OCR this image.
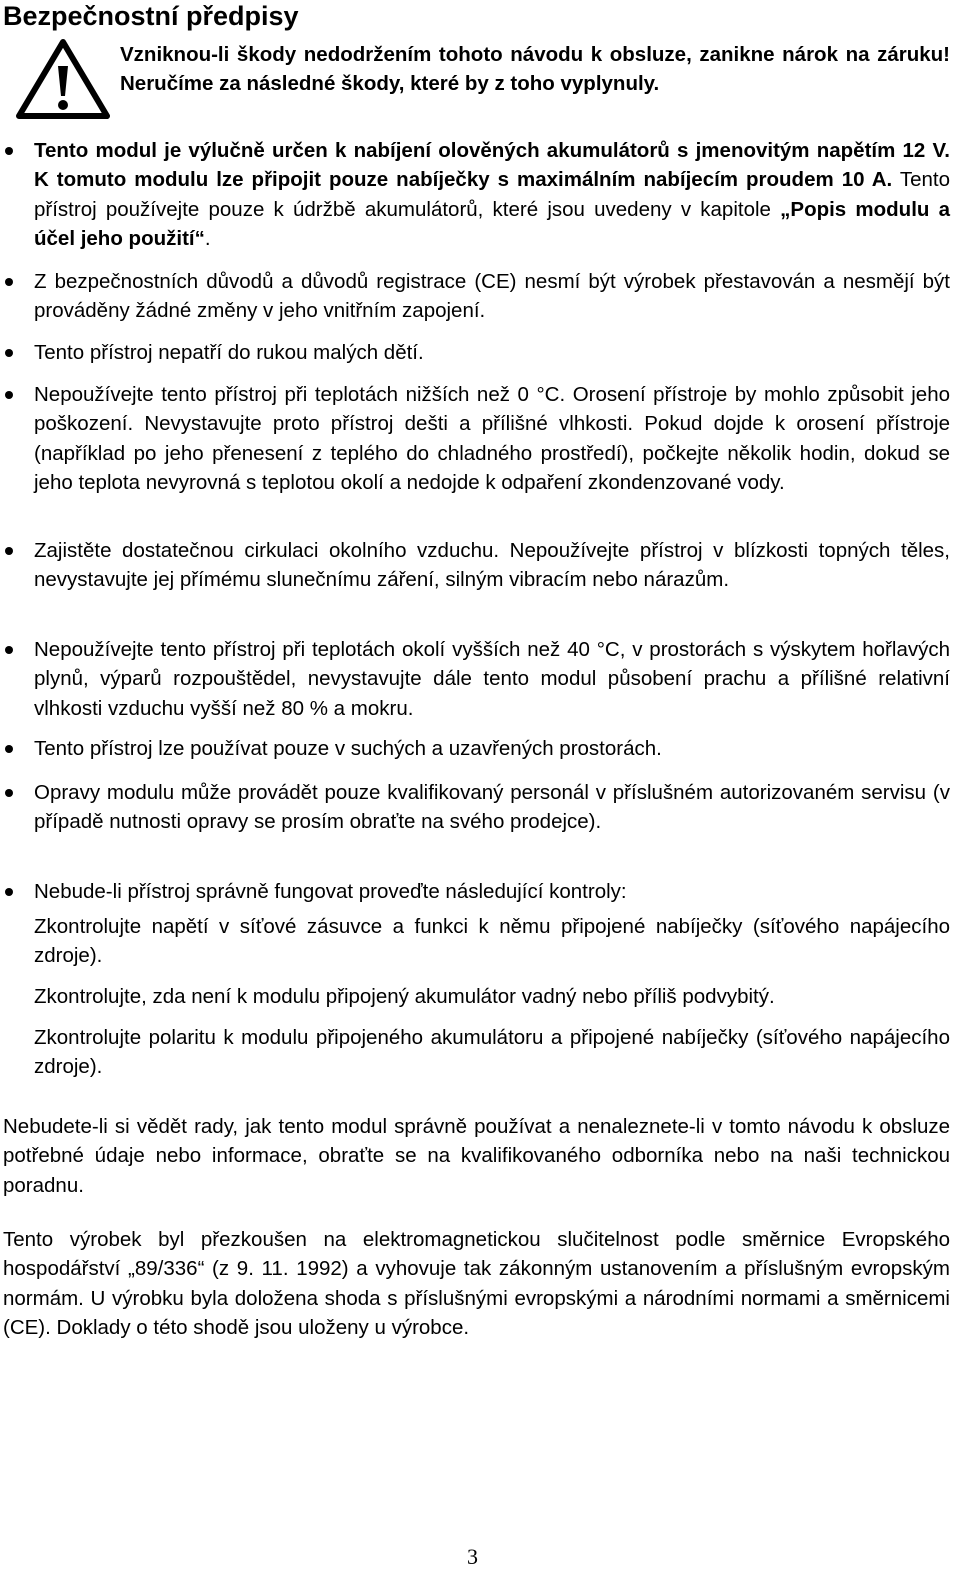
Bezpečnostní předpisy
Vzniknou-li škody nedodržením tohoto návodu k obsluze, zanikne nárok na záruku! Neručíme za následné škody, které by z toho vyplynuly.
Tento modul je výlučně určen k nabíjení olověných akumulátorů s jmenovitým napětím 12 V. K tomuto modulu lze připojit pouze nabíječky s maximálním nabíjecím proudem 10 A. Tento přístroj používejte pouze k údržbě akumulátorů, které jsou uvedeny v kapitole „Popis modulu a účel jeho použití“.
Z bezpečnostních důvodů a důvodů registrace (CE) nesmí být výrobek přestavován a nesmějí být prováděny žádné změny v jeho vnitřním zapojení.
Tento přístroj nepatří do rukou malých dětí.
Nepoužívejte tento přístroj při teplotách nižších než 0 °C. Orosení přístroje by mohlo způsobit jeho poškození. Nevystavujte proto přístroj dešti a přílišné vlhkosti. Pokud dojde k orosení přístroje (například po jeho přenesení z teplého do chladného prostředí), počkejte několik hodin, dokud se jeho teplota nevyrovná s teplotou okolí a nedojde k odpaření zkondenzované vody.
Zajistěte dostatečnou cirkulaci okolního vzduchu. Nepoužívejte přístroj v blízkosti topných těles, nevystavujte jej přímému slunečnímu záření, silným vibracím nebo nárazům.
Nepoužívejte tento přístroj při teplotách okolí vyšších než 40 °C, v prostorách s výskytem hořlavých plynů, výparů rozpouštědel, nevystavujte dále tento modul působení prachu a přílišné relativní vlhkosti vzduchu vyšší než 80 % a mokru.
Tento přístroj lze používat pouze v suchých a uzavřených prostorách.
Opravy modulu může provádět pouze kvalifikovaný personál v příslušném autorizovaném servisu (v případě nutnosti opravy se prosím obraťte na svého prodejce).
Nebude-li přístroj správně fungovat proveďte následující kontroly:
Zkontrolujte napětí v síťové zásuvce a funkci k němu připojené nabíječky (síťového napájecího zdroje).
Zkontrolujte, zda není k modulu připojený akumulátor vadný nebo příliš podvybitý.
Zkontrolujte polaritu k modulu připojeného akumulátoru a připojené nabíječky (síťového napájecího zdroje).
Nebudete-li si vědět rady, jak tento modul správně používat a nenaleznete-li v tomto návodu k obsluze potřebné údaje nebo informace, obraťte se na kvalifikovaného odborníka nebo na naši technickou poradnu.
Tento výrobek byl přezkoušen na elektromagnetickou slučitelnost podle směrnice Evropského hospodářství „89/336“ (z 9. 11. 1992) a vyhovuje tak zákonným ustanovením a příslušným evropským normám. U výrobku byla doložena shoda s příslušnými evropskými a národními normami a směrnicemi (CE). Doklady o této shodě jsou uloženy u výrobce.
3
